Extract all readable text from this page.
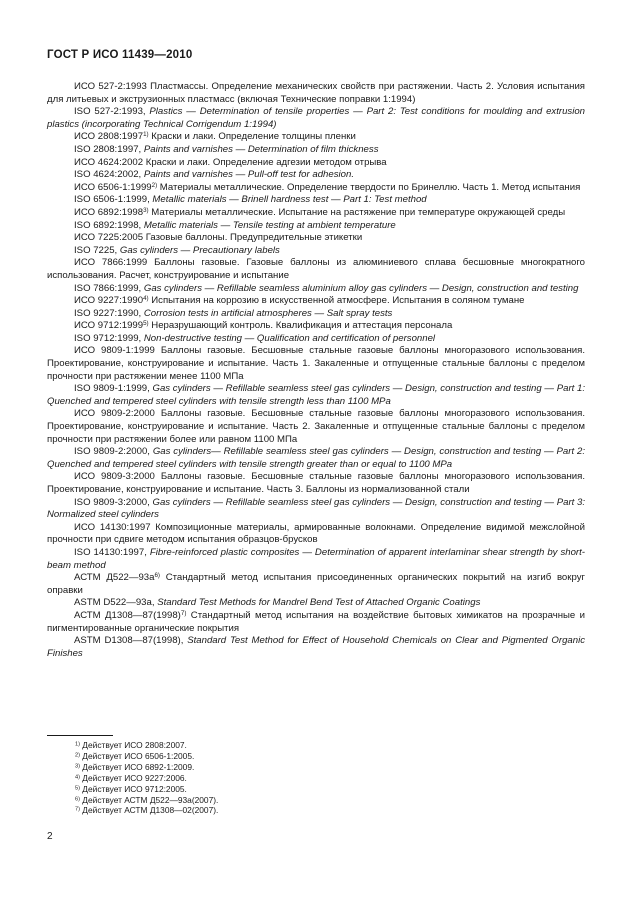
ГОСТ Р ИСО 11439—2010

ИСО 527-2:1993 Пластмассы. Определение механических свойств при растяжении. Часть 2. Условия испытания для литьевых и экструзионных пластмасс (включая Технические поправки 1:1994)

ISO 527-2:1993, Plastics — Determination of tensile properties — Part 2: Test conditions for moulding and extrusion plastics (incorporating Technical Corrigendum 1:1994)

ИСО 2808:1997$^{1)}$ Краски и лаки. Определение толщины пленки

ISO 2808:1997, Paints and varnishes — Determination of film thickness

ИСО 4624:2002 Краски и лаки. Определение адгезии методом отрыва

ISO 4624:2002, Paints and varnishes — Pull-off test for adhesion.

ИСО 6506-1:1999$^{2)}$ Материалы металлические. Определение твердости по Бринеллю. Часть 1. Метод испытания

ISO 6506-1:1999, Metallic materials — Brinell hardness test — Part 1: Test method

ИСО 6892:1998$^{3)}$ Материалы металлические. Испытание на растяжение при температуре окружающей среды

ISO 6892:1998, Metallic materials — Tensile testing at ambient temperature

ИСО 7225:2005 Газовые баллоны. Предупредительные этикетки

ISO 7225, Gas cylinders — Precautionary labels

ИСО 7866:1999 Баллоны газовые. Газовые баллоны из алюминиевого сплава бесшовные многократного использования. Расчет, конструирование и испытание

ISO 7866:1999, Gas cylinders — Refillable seamless aluminium alloy gas cylinders — Design, construction and testing

ИСО 9227:1990$^{4)}$ Испытания на коррозию в искусственной атмосфере. Испытания в соляном тумане

ISO 9227:1990, Corrosion tests in artificial atmospheres — Salt spray tests

ИСО 9712:1999$^{5)}$ Неразрушающий контроль. Квалификация и аттестация персонала

ISO 9712:1999, Non-destructive testing — Qualification and certification of personnel

ИСО 9809-1:1999 Баллоны газовые. Бесшовные стальные газовые баллоны многоразового использования. Проектирование, конструирование и испытание. Часть 1. Закаленные и отпущенные стальные баллоны с пределом прочности при растяжении менее 1100 МПа

ISO 9809-1:1999, Gas cylinders — Refillable seamless steel gas cylinders — Design, construction and testing — Part 1: Quenched and tempered steel cylinders with tensile strength less than 1100 MPa

ИСО 9809-2:2000 Баллоны газовые. Бесшовные стальные газовые баллоны многоразового использования. Проектирование, конструирование и испытание. Часть 2. Закаленные и отпущенные стальные баллоны с пределом прочности при растяжении более или равном 1100 МПа

ISO 9809-2:2000, Gas cylinders— Refillable seamless steel gas cylinders — Design, construction and testing — Part 2: Quenched and tempered steel cylinders with tensile strength greater than or equal to 1100 MPa

ИСО 9809-3:2000 Баллоны газовые. Бесшовные стальные газовые баллоны многоразового использования. Проектирование, конструирование и испытание. Часть 3. Баллоны из нормализованной стали

ISO 9809-3:2000, Gas cylinders — Refillable seamless steel gas cylinders — Design, construction and testing — Part 3: Normalized steel cylinders

ИСО 14130:1997 Композиционные материалы, армированные волокнами. Определение видимой межслойной прочности при сдвиге методом испытания образцов-брусков

ISO 14130:1997, Fibre-reinforced plastic composites — Determination of apparent interlaminar shear strength by short-beam method

АСТМ $Д522—93а^{6)}$ Стандартный метод испытания присоединенных органических покрытий на изгиб вокруг оправки

ASTM D522—93a, Standard Test Methods for Mandrel Bend Test of Attached Organic Coatings

АСТМ $Д1308—87(1998)^{7)}$ Стандартный метод испытания на воздействие бытовых химикатов на прозрачные и пигментированные органические покрытия

ASTM D1308—87(1998), Standard Test Method for Effect of Household Chemicals on Clear and Pigmented Organic Finishes

$^{1)}$ Действует ИСО 2808:2007.
$^{2)}$ Действует ИСО 6506-1:2005.
$^{3)}$ Действует ИСО 6892-1:2009.
$^{4)}$ Действует ИСО 9227:2006.
$^{5)}$ Действует ИСО 9712:2005.
$^{6)}$ Действует АСТМ Д522—93а(2007).
$^{7)}$ Действует АСТМ Д1308—02(2007).
2
